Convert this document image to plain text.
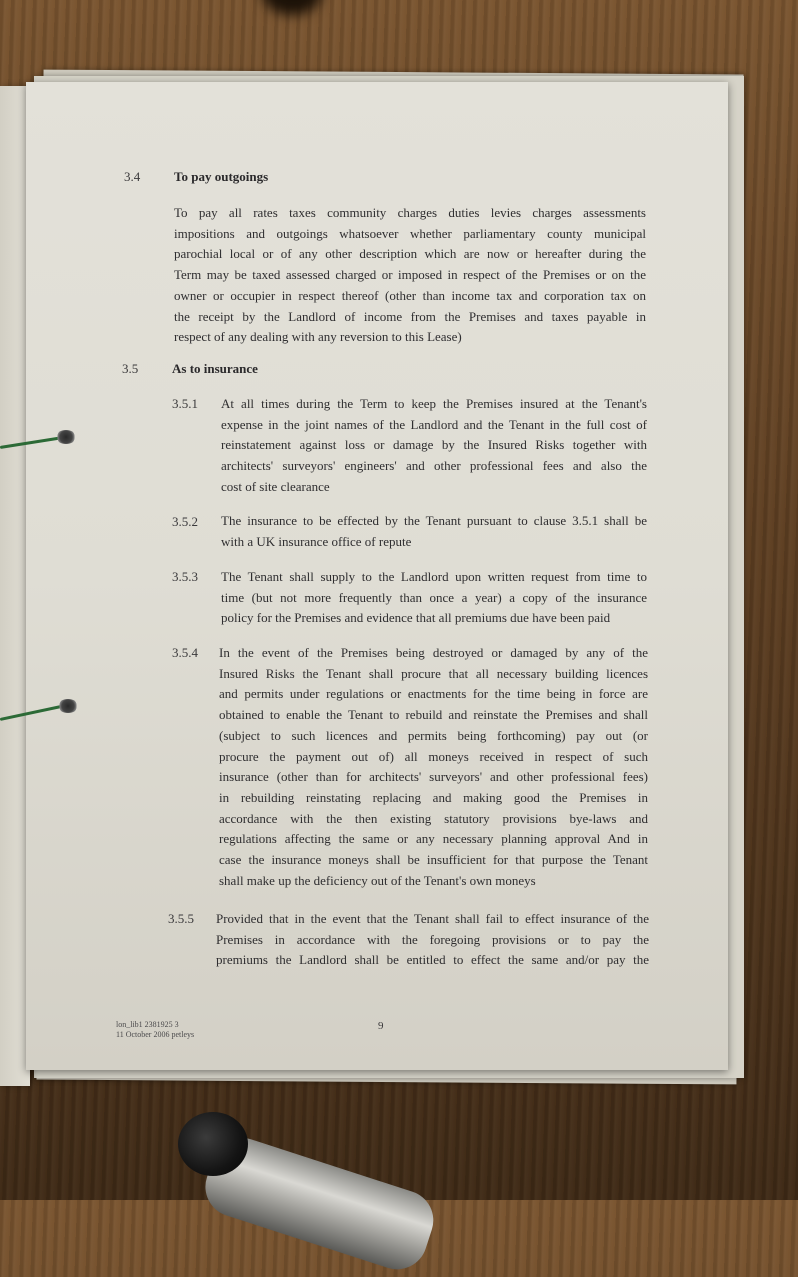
3.4	To pay outgoings
To pay all rates taxes community charges duties levies charges assessments
impositions and outgoings whatsoever whether parliamentary county municipal
parochial local or of any other description which are now or hereafter during the
Term may be taxed assessed charged or imposed in respect of the Premises or on the
owner or occupier in respect thereof (other than income tax and corporation tax on
the receipt by the Landlord of income from the Premises and taxes payable in
respect of any dealing with any reversion to this Lease)
3.5	As to insurance
3.5.1 At all times during the Term to keep the Premises insured at the Tenant's
expense in the joint names of the Landlord and the Tenant in the full cost of
reinstatement against loss or damage by the Insured Risks together with
architects' surveyors' engineers' and other professional fees and also the
cost of site clearance
3.5.2 The insurance to be effected by the Tenant pursuant to clause 3.5.1 shall be
with a UK insurance office of repute
3.5.3 The Tenant shall supply to the Landlord upon written request from time to
time (but not more frequently than once a year) a copy of the insurance
policy for the Premises and evidence that all premiums due have been paid
3.5.4 In the event of the Premises being destroyed or damaged by any of the
Insured Risks the Tenant shall procure that all necessary building licences
and permits under regulations or enactments for the time being in force are
obtained to enable the Tenant to rebuild and reinstate the Premises and shall
(subject to such licences and permits being forthcoming) pay out (or
procure the payment out of) all moneys received in respect of such
insurance (other than for architects' surveyors' and other professional fees)
in rebuilding reinstating replacing and making good the Premises in
accordance with the then existing statutory provisions bye-laws and
regulations affecting the same or any necessary planning approval And in
case the insurance moneys shall be insufficient for that purpose the Tenant
shall make up the deficiency out of the Tenant's own moneys
3.5.5 Provided that in the event that the Tenant shall fail to effect insurance of the
Premises in accordance with the foregoing provisions or to pay the
premiums the Landlord shall be entitled to effect the same and/or pay the
lon_lib1 2381925 3
11 October 2006 petleys
9
